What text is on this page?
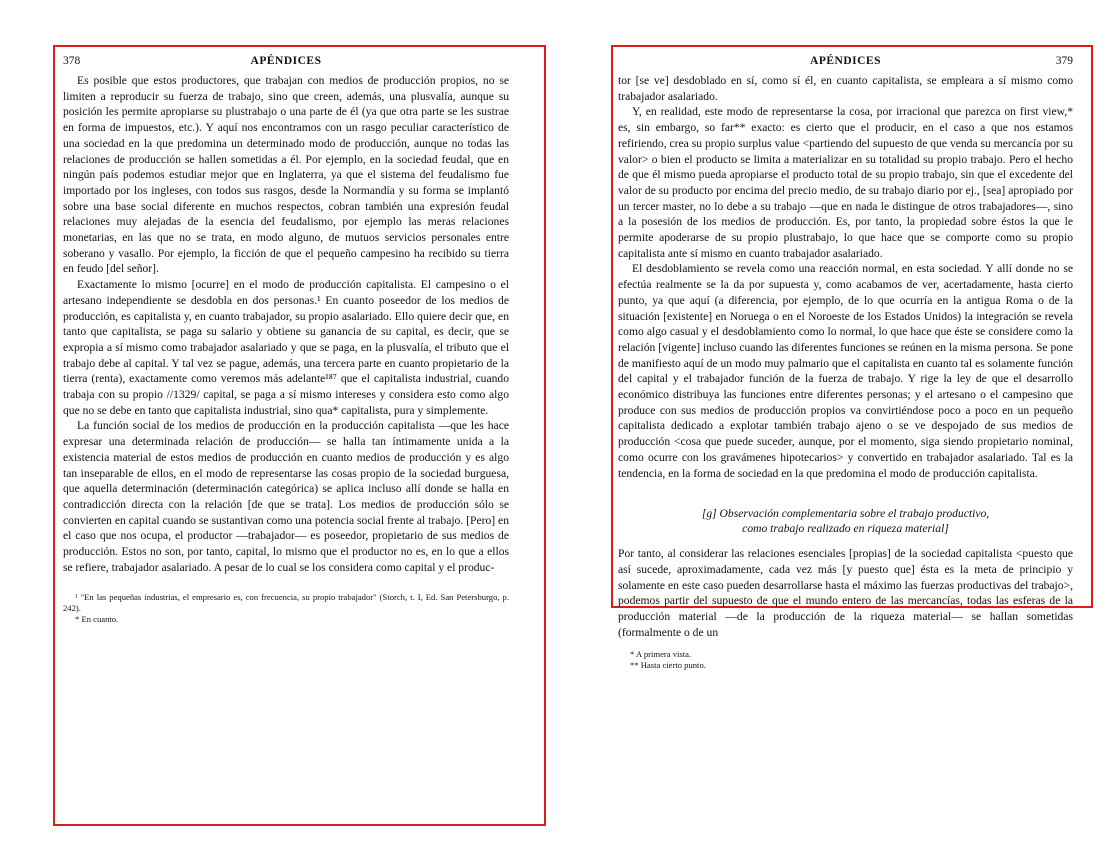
378	APÉNDICES

Es posible que estos productores, que trabajan con medios de producción propios, no se limiten a reproducir su fuerza de trabajo, sino que creen, además, una plusvalía, aunque su posición les permite apropiarse su plustrabajo o una parte de él (ya que otra parte se les sustrae en forma de impuestos, etc.). Y aquí nos encontramos con un rasgo peculiar característico de una sociedad en la que predomina un determinado modo de producción, aunque no todas las relaciones de producción se hallen sometidas a él. Por ejemplo, en la sociedad feudal, que en ningún país podemos estudiar mejor que en Inglaterra, ya que el sistema del feudalismo fue importado por los ingleses, con todos sus rasgos, desde la Normandía y su forma se implantó sobre una base social diferente en muchos respectos, cobran también una expresión feudal relaciones muy alejadas de la esencia del feudalismo, por ejemplo las meras relaciones monetarias, en las que no se trata, en modo alguno, de mutuos servicios personales entre soberano y vasallo. Por ejemplo, la ficción de que el pequeño campesino ha recibido su tierra en feudo [del señor].

Exactamente lo mismo [ocurre] en el modo de producción capitalista. El campesino o el artesano independiente se desdobla en dos personas.¹ En cuanto poseedor de los medios de producción, es capitalista y, en cuanto trabajador, su propio asalariado. Ello quiere decir que, en tanto que capitalista, se paga su salario y obtiene su ganancia de su capital, es decir, que se expropia a sí mismo como trabajador asalariado y que se paga, en la plusvalía, el tributo que el trabajo debe al capital. Y tal vez se pague, además, una tercera parte en cuanto propietario de la tierra (renta), exactamente como veremos más adelante¹⁸⁷ que el capitalista industrial, cuando trabaja con su propio //1329/ capital, se paga a sí mismo intereses y considera esto como algo que no se debe en tanto que capitalista industrial, sino qua* capitalista, pura y simplemente.

La función social de los medios de producción en la producción capitalista —que les hace expresar una determinada relación de producción— se halla tan íntimamente unida a la existencia material de estos medios de producción en cuanto medios de producción y es algo tan inseparable de ellos, en el modo de representarse las cosas propio de la sociedad burguesa, que aquella determinación (determinación categórica) se aplica incluso allí donde se halla en contradicción directa con la relación [de que se trata]. Los medios de producción sólo se convierten en capital cuando se sustantivan como una potencia social frente al trabajo. [Pero] en el caso que nos ocupa, el productor —trabajador— es poseedor, propietario de sus medios de producción. Estos no son, por tanto, capital, lo mismo que el productor no es, en lo que a ellos se refiere, trabajador asalariado. A pesar de lo cual se los considera como capital y el produc-

¹ "En las pequeñas industrias, el empresario es, con frecuencia, su propio trabajador" (Storch, t. I, Ed. San Petersburgo, p. 242).

* En cuanto.

APÉNDICES	379

tor [se ve] desdoblado en sí, como sí él, en cuanto capitalista, se empleara a sí mismo como trabajador asalariado.

Y, en realidad, este modo de representarse la cosa, por irracional que parezca on first view,* es, sin embargo, so far** exacto: es cierto que el producir, en el caso a que nos estamos refiriendo, crea su propio surplus value <partiendo del supuesto de que venda su mercancía por su valor> o bien el producto se limita a materializar en su totalidad su propio trabajo. Pero el hecho de que él mismo pueda apropiarse el producto total de su propio trabajo, sin que el excedente del valor de su producto por encima del precio medio, de su trabajo diario por ej., [sea] apropiado por un tercer master, no lo debe a su trabajo —que en nada le distingue de otros trabajadores—, sino a la posesión de los medios de producción. Es, por tanto, la propiedad sobre éstos la que le permite apoderarse de su propio plustrabajo, lo que hace que se comporte como su propio capitalista ante sí mismo en cuanto trabajador asalariado.

El desdoblamiento se revela como una reacción normal, en esta sociedad. Y allí donde no se efectúa realmente se la da por supuesta y, como acabamos de ver, acertadamente, hasta cierto punto, ya que aquí (a diferencia, por ejemplo, de lo que ocurría en la antigua Roma o de la situación [existente] en Noruega o en el Noroeste de los Estados Unidos) la integración se revela como algo casual y el desdoblamiento como lo normal, lo que hace que éste se considere como la relación [vigente] incluso cuando las diferentes funciones se reúnen en la misma persona. Se pone de manifiesto aquí de un modo muy palmario que el capitalista en cuanto tal es solamente función del capital y el trabajador función de la fuerza de trabajo. Y rige la ley de que el desarrollo económico distribuya las funciones entre diferentes personas; y el artesano o el campesino que produce con sus medios de producción propios va convirtiéndose poco a poco en un pequeño capitalista dedicado a explotar también trabajo ajeno o se ve despojado de sus medios de producción <cosa que puede suceder, aunque, por el momento, siga siendo propietario nominal, como ocurre con los gravámenes hipotecarios> y convertido en trabajador asalariado. Tal es la tendencia, en la forma de sociedad en la que predomina el modo de producción capitalista.

[g] Observación complementaria sobre el trabajo productivo,
como trabajo realizado en riqueza material]

Por tanto, al considerar las relaciones esenciales [propias] de la sociedad capitalista <puesto que así sucede, aproximadamente, cada vez más [y puesto que] ésta es la meta de principio y solamente en este caso pueden desarrollarse hasta el máximo las fuerzas productivas del trabajo>, podemos partir del supuesto de que el mundo entero de las mercancías, todas las esferas de la producción material —de la producción de la riqueza material— se hallan sometidas (formalmente o de un

* A primera vista.

** Hasta cierto punto.
